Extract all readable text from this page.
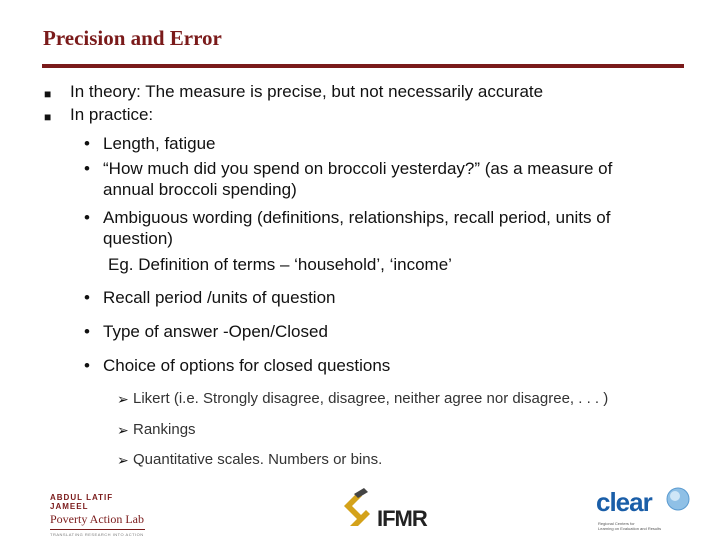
Precision and Error
■ In theory: The measure is precise, but not necessarily accurate
■ In practice:
• Length, fatigue
• “How much did you spend on broccoli yesterday?” (as a measure of
annual broccoli spending)
• Ambiguous wording (definitions, relationships, recall period, units of
question)
Eg. Definition of terms – ‘household’, ‘income’
• Recall period /units of question
• Type of answer -Open/Closed
• Choice of options for closed questions
➢ Likert (i.e. Strongly disagree, disagree, neither agree nor disagree, . . . )
➢ Rankings
➢ Quantitative scales. Numbers or bins.
ABDUL LATIF JAMEEL
Poverty Action Lab
TRANSLATING RESEARCH INTO ACTION
IFMR
clear
Regional Centers for
Learning on Evaluation and Results
